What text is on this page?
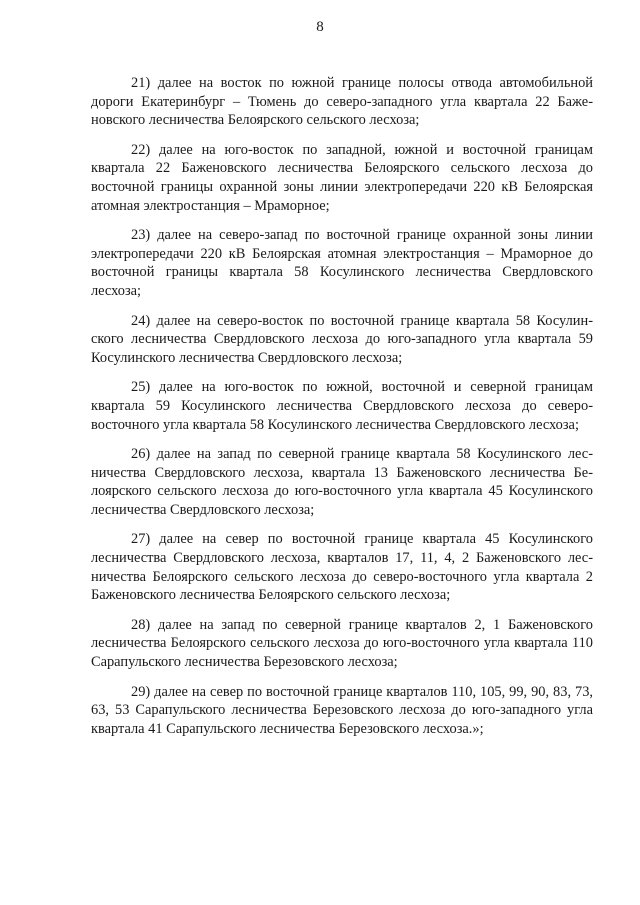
8

21) далее на восток по южной границе полосы отвода автомобильной дороги Екатеринбург – Тюмень до северо-западного угла квартала 22 Баженовского лесничества Белоярского сельского лесхоза;

22) далее на юго-восток по западной, южной и восточной границам квартала 22 Баженовского лесничества Белоярского сельского лесхоза до восточной границы охранной зоны линии электропередачи 220 кВ Белоярская атомная электростанция – Мраморное;

23) далее на северо-запад по восточной границе охранной зоны линии электропередачи 220 кВ Белоярская атомная электростанция – Мраморное до восточной границы квартала 58 Косулинского лесничества Свердловского лесхоза;

24) далее на северо-восток по восточной границе квартала 58 Косулинского лесничества Свердловского лесхоза до юго-западного угла квартала 59 Косулинского лесничества Свердловского лесхоза;

25) далее на юго-восток по южной, восточной и северной границам квартала 59 Косулинского лесничества Свердловского лесхоза до северовосточного угла квартала 58 Косулинского лесничества Свердловского лесхоза;

26) далее на запад по северной границе квартала 58 Косулинского лесничества Свердловского лесхоза, квартала 13 Баженовского лесничества Белоярского сельского лесхоза до юго-восточного угла квартала 45 Косулинского лесничества Свердловского лесхоза;

27) далее на север по восточной границе квартала 45 Косулинского лесничества Свердловского лесхоза, кварталов 17, 11, 4, 2 Баженовского лесничества Белоярского сельского лесхоза до северо-восточного угла квартала 2 Баженовского лесничества Белоярского сельского лесхоза;

28) далее на запад по северной границе кварталов 2, 1 Баженовского лесничества Белоярского сельского лесхоза до юго-восточного угла квартала 110 Сарапульского лесничества Березовского лесхоза;

29) далее на север по восточной границе кварталов 110, 105, 99, 90, 83, 73, 63, 53 Сарапульского лесничества Березовского лесхоза до юго-западного угла квартала 41 Сарапульского лесничества Березовского лесхоза.»;
